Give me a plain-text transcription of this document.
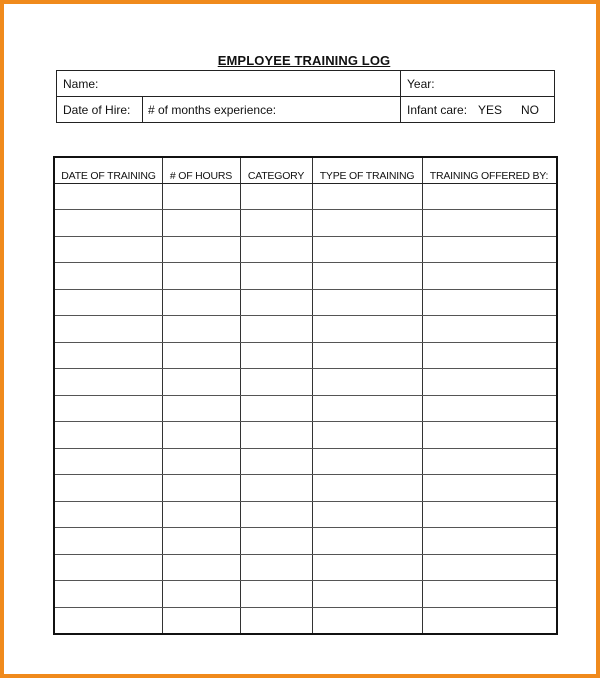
EMPLOYEE TRAINING LOG
Name:	Year:
Date of Hire: # of months experience:	Infant care: YES NO
DATE OF TRAINING	# OF HOURS	CATEGORY	TYPE OF TRAINING	TRAINING OFFERED BY:
